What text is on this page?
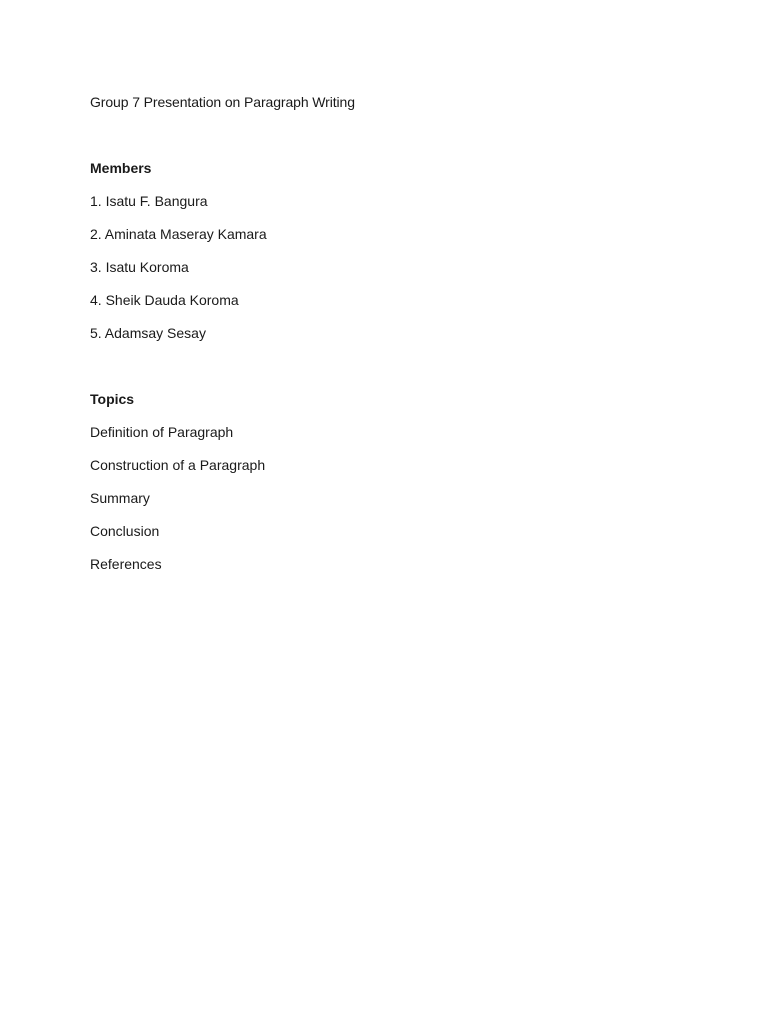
Group 7 Presentation on Paragraph Writing

Members

1. Isatu F. Bangura
2. Aminata Maseray Kamara
3. Isatu Koroma
4. Sheik Dauda Koroma
5. Adamsay Sesay

Topics

Definition of Paragraph
Construction of a Paragraph
Summary
Conclusion
References
